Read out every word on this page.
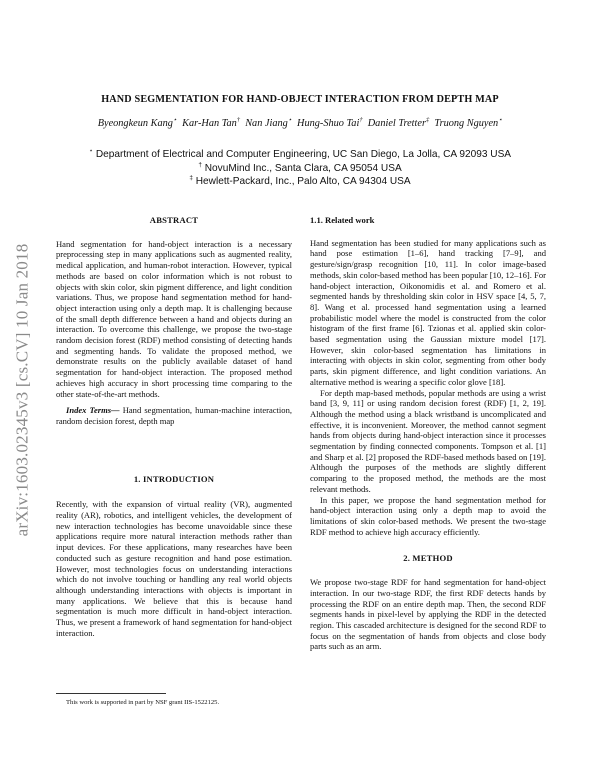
arXiv:1603.02345v3 [cs.CV] 10 Jan 2018
HAND SEGMENTATION FOR HAND-OBJECT INTERACTION FROM DEPTH MAP
Byeongkeun Kang⋆ Kar-Han Tan† Nan Jiang⋆ Hung-Shuo Tai† Daniel Tretter‡ Truong Nguyen⋆
⋆ Department of Electrical and Computer Engineering, UC San Diego, La Jolla, CA 92093 USA
† NovuMind Inc., Santa Clara, CA 95054 USA
‡ Hewlett-Packard, Inc., Palo Alto, CA 94304 USA

ABSTRACT

Hand segmentation for hand-object interaction is a necessary preprocessing step in many applications such as augmented reality, medical application, and human-robot interaction. However, typical methods are based on color information which is not robust to objects with skin color, skin pigment difference, and light condition variations. Thus, we propose hand segmentation method for hand-object interaction using only a depth map. It is challenging because of the small depth difference between a hand and objects during an interaction. To overcome this challenge, we propose the two-stage random decision forest (RDF) method consisting of detecting hands and segmenting hands. To validate the proposed method, we demonstrate results on the publicly available dataset of hand segmentation for hand-object interaction. The proposed method achieves high accuracy in short processing time comparing to the other state-of-the-art methods.

Index Terms— Hand segmentation, human-machine interaction, random decision forest, depth map

1. INTRODUCTION

Recently, with the expansion of virtual reality (VR), augmented reality (AR), robotics, and intelligent vehicles, the development of new interaction technologies has become unavoidable since these applications require more natural interaction methods rather than input devices. For these applications, many researches have been conducted such as gesture recognition and hand pose estimation. However, most technologies focus on understanding interactions which do not involve touching or handling any real world objects although understanding interactions with objects is important in many applications. We believe that this is because hand segmentation is much more difficult in hand-object interaction. Thus, we present a framework of hand segmentation for hand-object interaction.

This work is supported in part by NSF grant IIS-1522125.

1.1. Related work

Hand segmentation has been studied for many applications such as hand pose estimation [1–6], hand tracking [7–9], and gesture/sign/grasp recognition [10, 11]. In color image-based methods, skin color-based method has been popular [10, 12–16]. For hand-object interaction, Oikonomidis et al. and Romero et al. segmented hands by thresholding skin color in HSV space [4, 5, 7, 8]. Wang et al. processed hand segmentation using a learned probabilistic model where the model is constructed from the color histogram of the first frame [6]. Tzionas et al. applied skin color-based segmentation using the Gaussian mixture model [17]. However, skin color-based segmentation has limitations in interacting with objects in skin color, segmenting from other body parts, skin pigment difference, and light condition variations. An alternative method is wearing a specific color glove [18].

For depth map-based methods, popular methods are using a wrist band [3, 9, 11] or using random decision forest (RDF) [1, 2, 19]. Although the method using a black wristband is uncomplicated and effective, it is inconvenient. Moreover, the method cannot segment hands from objects during hand-object interaction since it processes segmentation by finding connected components. Tompson et al. [1] and Sharp et al. [2] proposed the RDF-based methods based on [19]. Although the purposes of the methods are slightly different comparing to the proposed method, the methods are the most relevant methods.

In this paper, we propose the hand segmentation method for hand-object interaction using only a depth map to avoid the limitations of skin color-based methods. We present the two-stage RDF method to achieve high accuracy efficiently.

2. METHOD

We propose two-stage RDF for hand segmentation for hand-object interaction. In our two-stage RDF, the first RDF detects hands by processing the RDF on an entire depth map. Then, the second RDF segments hands in pixel-level by applying the RDF in the detected region. This cascaded architecture is designed for the second RDF to focus on the segmentation of hands from objects and close body parts such as an arm.
